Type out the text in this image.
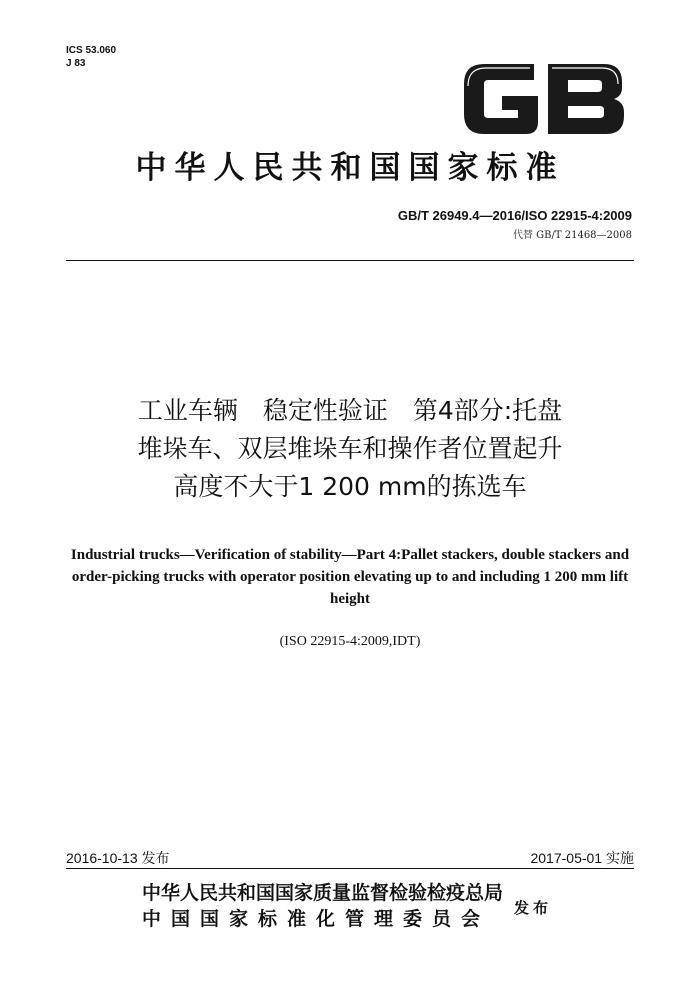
ICS 53.060
J 83
中华人民共和国国家标准
GB/T 26949.4—2016/ISO 22915-4:2009
代替 GB/T 21468—2008
工业车辆　稳定性验证　第4部分:托盘
堆垛车、双层堆垛车和操作者位置起升
高度不大于1 200 mm的拣选车
Industrial trucks—Verification of stability—Part 4:Pallet stackers, double stackers and order-picking trucks with operator position elevating up to and including 1 200 mm lift height
(ISO 22915-4:2009,IDT)
2016-10-13 发布	2017-05-01 实施
中华人民共和国国家质量监督检验检疫总局
中国国家标准化管理委员会	发布
